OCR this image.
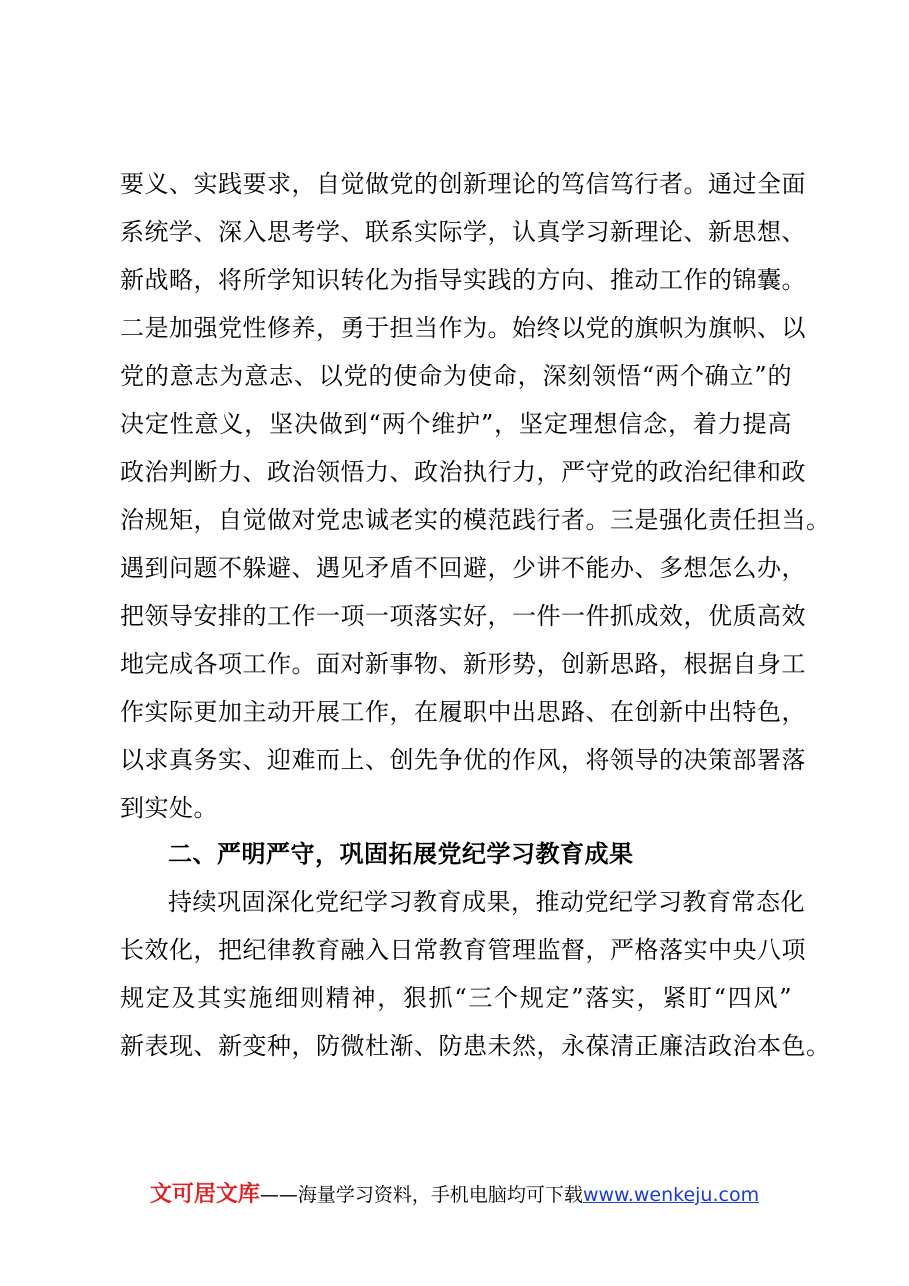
要义、实践要求，自觉做党的创新理论的笃信笃行者。通过全面
系统学、深入思考学、联系实际学，认真学习新理论、新思想、
新战略，将所学知识转化为指导实践的方向、推动工作的锦囊。
二是加强党性修养，勇于担当作为。始终以党的旗帜为旗帜、以
党的意志为意志、以党的使命为使命，深刻领悟“两个确立”的
决定性意义，坚决做到“两个维护”，坚定理想信念，着力提高
政治判断力、政治领悟力、政治执行力，严守党的政治纪律和政
治规矩，自觉做对党忠诚老实的模范践行者。三是强化责任担当。
遇到问题不躲避、遇见矛盾不回避，少讲不能办、多想怎么办，
把领导安排的工作一项一项落实好，一件一件抓成效，优质高效
地完成各项工作。面对新事物、新形势，创新思路，根据自身工
作实际更加主动开展工作，在履职中出思路、在创新中出特色，
以求真务实、迎难而上、创先争优的作风，将领导的决策部署落
到实处。
二、严明严守，巩固拓展党纪学习教育成果
持续巩固深化党纪学习教育成果，推动党纪学习教育常态化
长效化，把纪律教育融入日常教育管理监督，严格落实中央八项
规定及其实施细则精神，狠抓“三个规定”落实，紧盯“四风”
新表现、新变种，防微杜渐、防患未然，永葆清正廉洁政治本色。
文可居文库——海量学习资料，手机电脑均可下载www.wenkeju.com
